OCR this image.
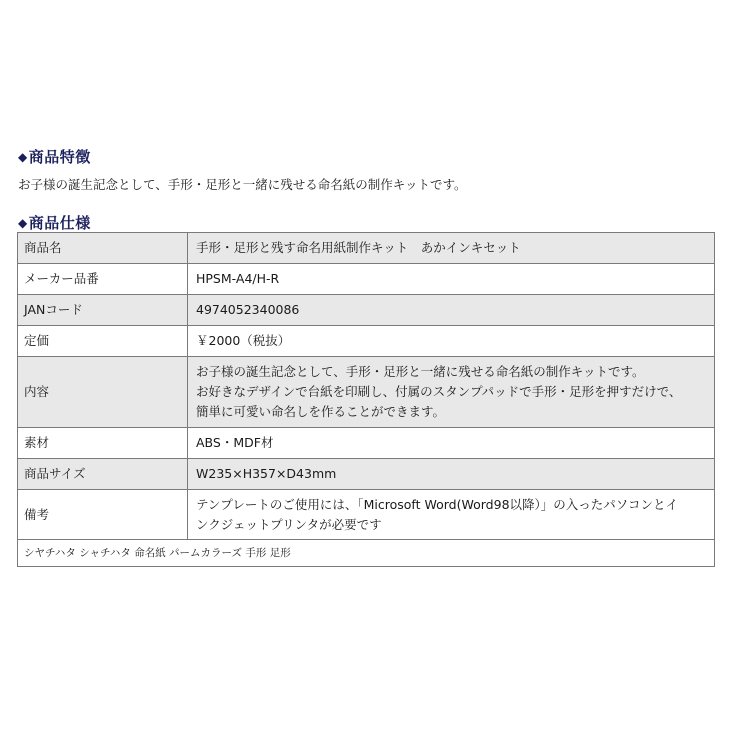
◆商品特徴
お子様の誕生記念として、手形・足形と一緒に残せる命名紙の制作キットです。
◆商品仕様
商品名	手形・足形と残す命名用紙制作キット　あかインキセット

メーカー品番	HPSM-A4/H-R

JANコード	4974052340086

定価	￥2000（税抜）

内容	お子様の誕生記念として、手形・足形と一緒に残せる命名紙の制作キットです。
お好きなデザインで台紙を印刷し、付属のスタンプパッドで手形・足形を押すだけで、
簡単に可愛い命名しを作ることができます。

素材	ABS・MDF材

商品サイズ	W235×H357×D43mm

備考	テンプレートのご使用には、「Microsoft Word(Word98以降）」の入ったパソコンとイ
ンクジェットプリンタが必要です

シヤチハタ シャチハタ 命名紙 パームカラーズ 手形 足形	
